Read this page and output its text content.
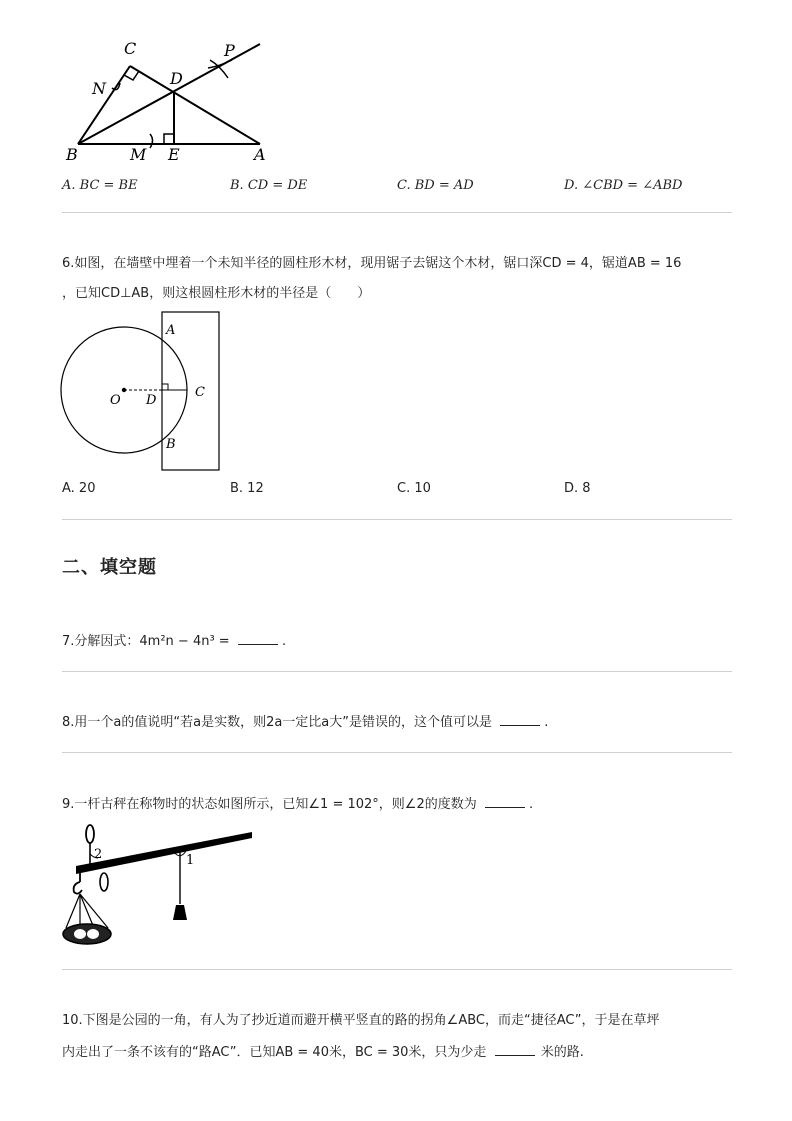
C	P
N
D
B	M E	A
A. BC = BE	B. CD = DE	C. BD = AD	D. ∠CBD = ∠ABD
6.如图，在墙壁中埋着一个未知半径的圆柱形木材，现用锯子去锯这个木材，锯口深CD = 4，锯道AB = 16
，已知CD⊥AB，则这根圆柱形木材的半径是（　　）
O D
C
A
B
A. 20	B. 12	C. 10	D. 8
二、填空题
7.分解因式：4m²n − 4n³ =	.
8.用一个a的值说明“若a是实数，则2a一定比a大”是错误的，这个值可以是	.
9.一杆古秤在称物时的状态如图所示，已知∠1 = 102°，则∠2的度数为	.
1
2
10.下图是公园的一角，有人为了抄近道而避开横平竖直的路的拐角∠ABC，而走“捷径AC”，于是在草坪
内走出了一条不该有的“路AC”．已知AB = 40米，BC = 30米，只为少走	米的路.
